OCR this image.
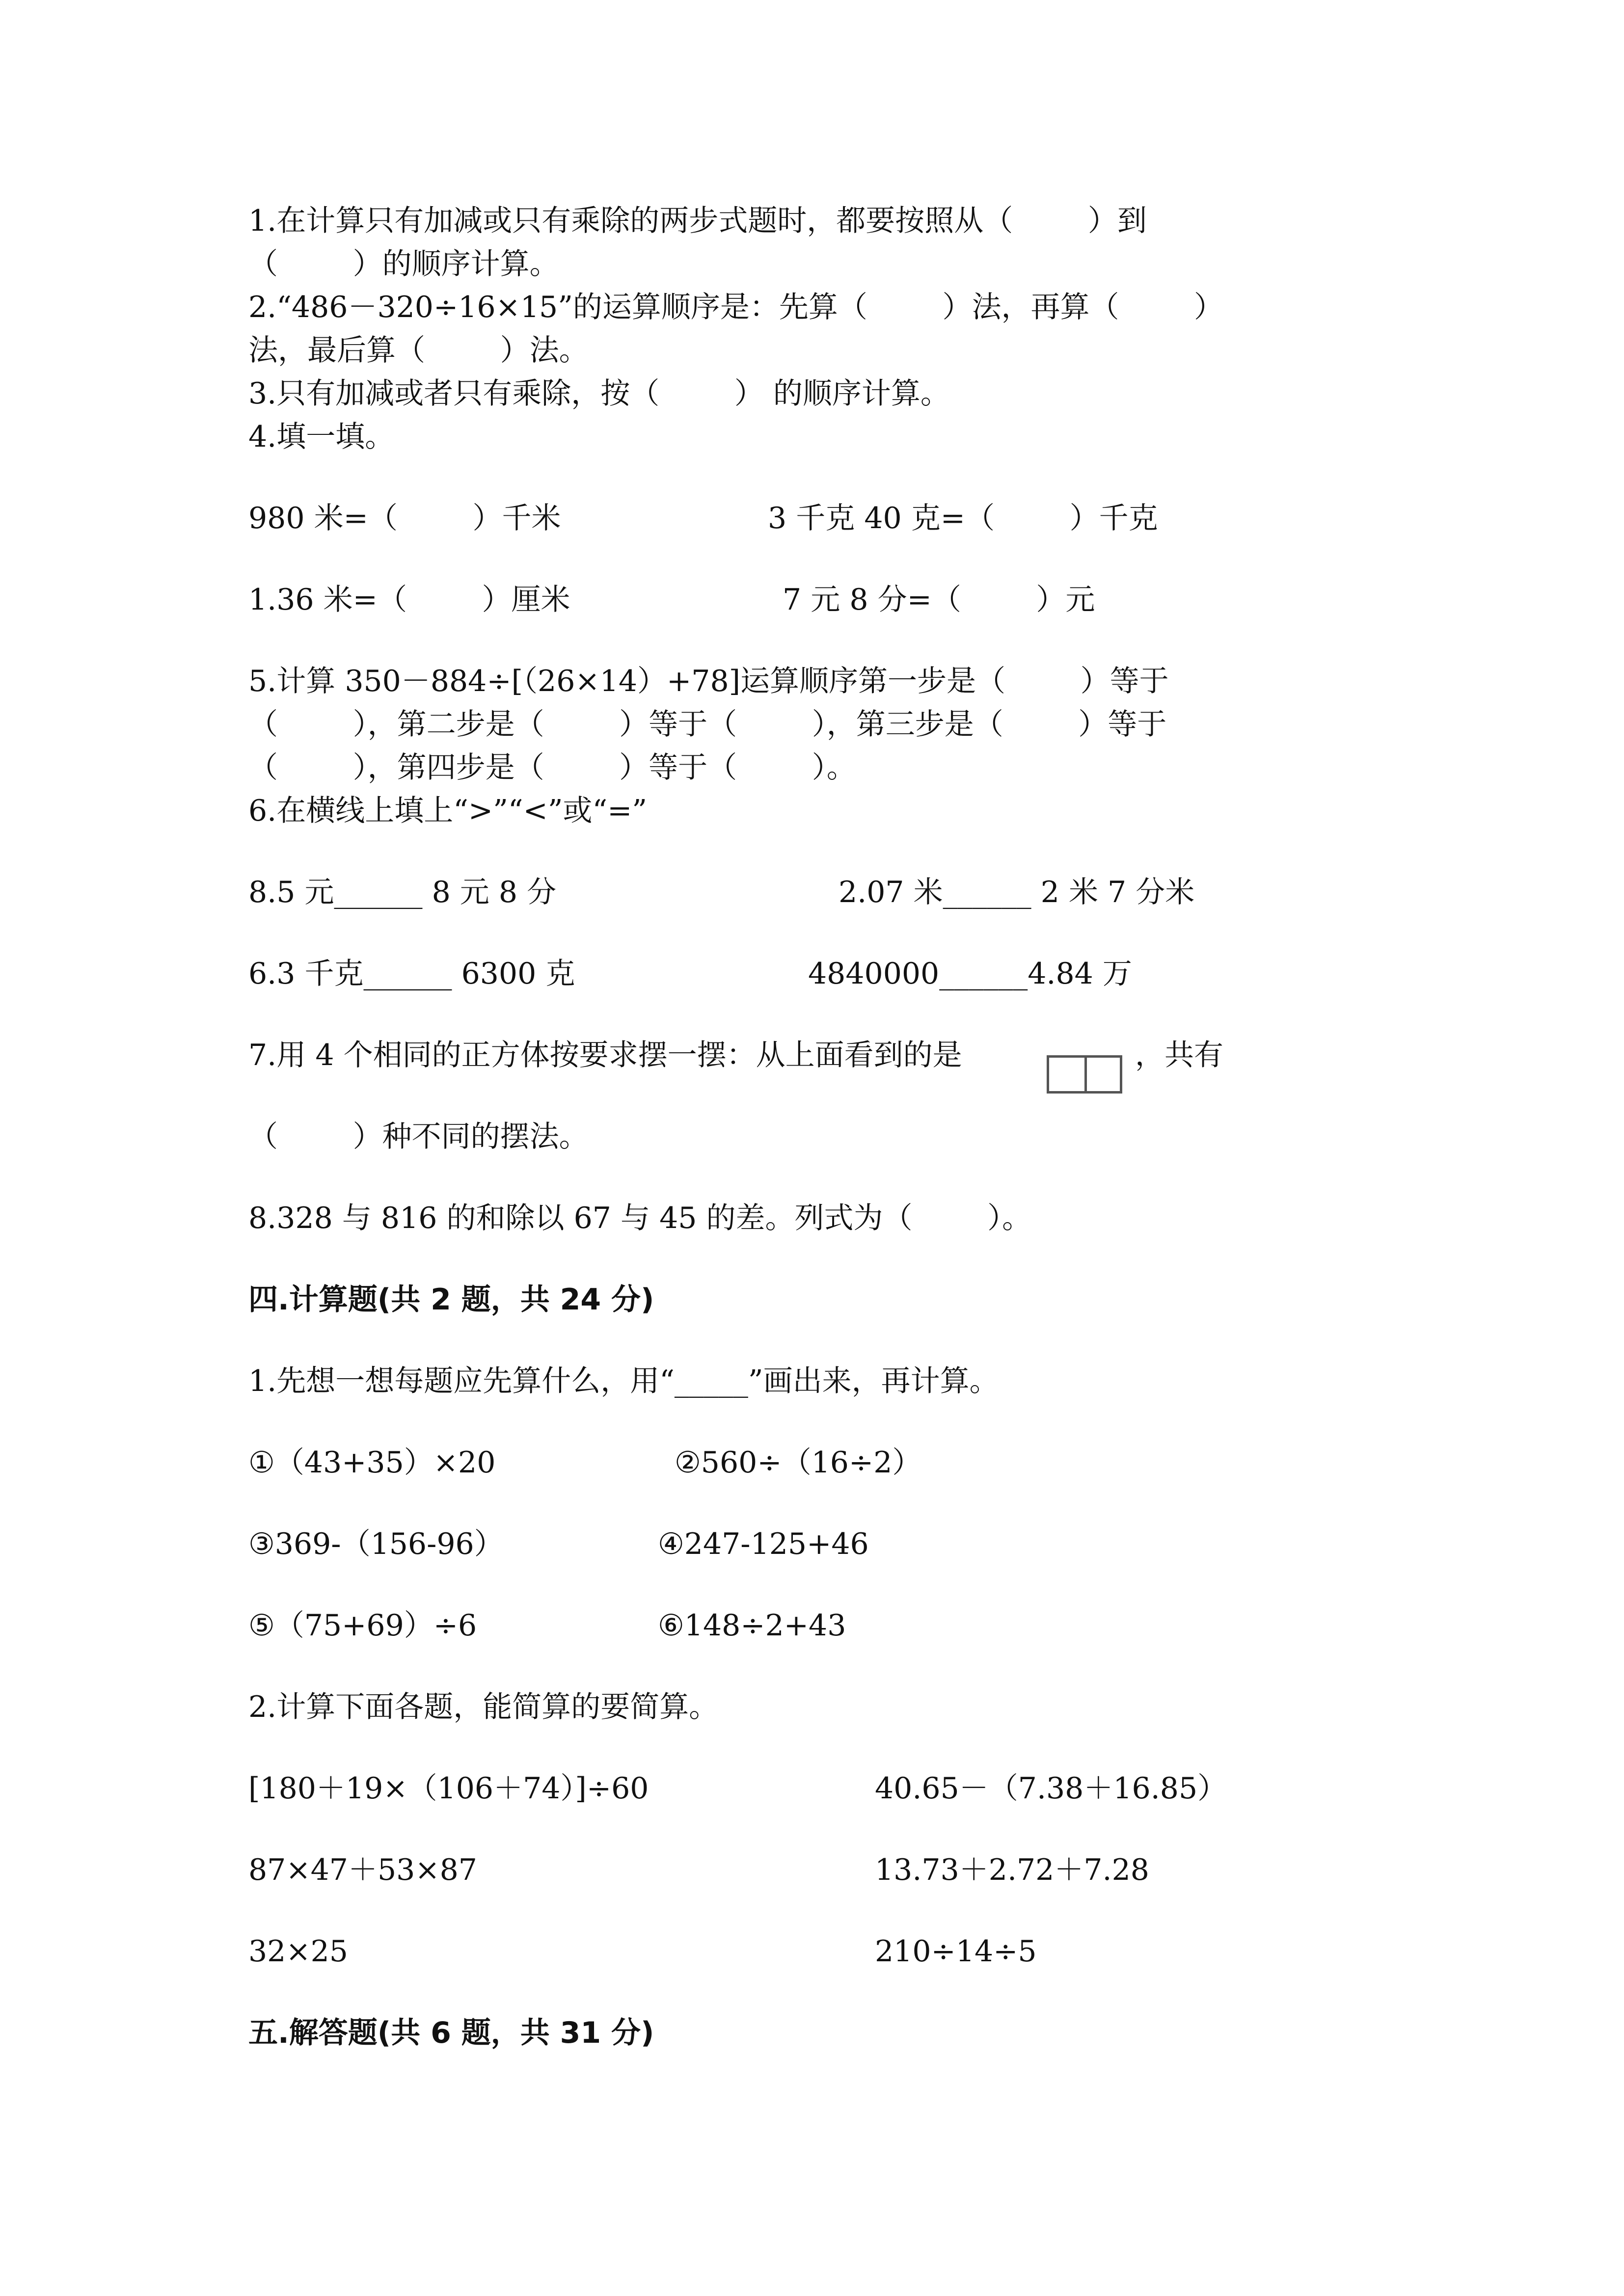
1.在计算只有加减或只有乘除的两步式题时，都要按照从（        ）到
（        ）的顺序计算。
2.“486－320÷16×15”的运算顺序是：先算（        ）法，再算（        ）
法，最后算（        ）法。
3.只有加减或者只有乘除，按（        ） 的顺序计算。
4.填一填。
980 米=（        ）千米	3 千克 40 克=（        ）千克
1.36 米=（        ）厘米	7 元 8 分=（        ）元
5.计算 350－884÷[（26×14）+78]运算顺序第一步是（        ）等于
（        ），第二步是（        ）等于（        ），第三步是（        ）等于
（        ），第四步是（        ）等于（        ）。
6.在横线上填上“>”“<”或“=”
8.5 元______ 8 元 8 分	2.07 米______ 2 米 7 分米
6.3 千克______ 6300 克	4840000______4.84 万
7.用 4 个相同的正方体按要求摆一摆：从上面看到的是	，共有
（        ）种不同的摆法。
8.328 与 816 的和除以 67 与 45 的差。列式为（        ）。
四.计算题(共 2 题，共 24 分)
1.先想一想每题应先算什么，用“_____”画出来，再计算。
①（43+35）×20	②560÷（16÷2）
③369-（156-96）	④247-125+46
⑤（75+69）÷6	⑥148÷2+43
2.计算下面各题，能简算的要简算。
[180＋19×（106＋74）]÷60	40.65－（7.38＋16.85）
87×47＋53×87	13.73＋2.72＋7.28
32×25	210÷14÷5
五.解答题(共 6 题，共 31 分)
